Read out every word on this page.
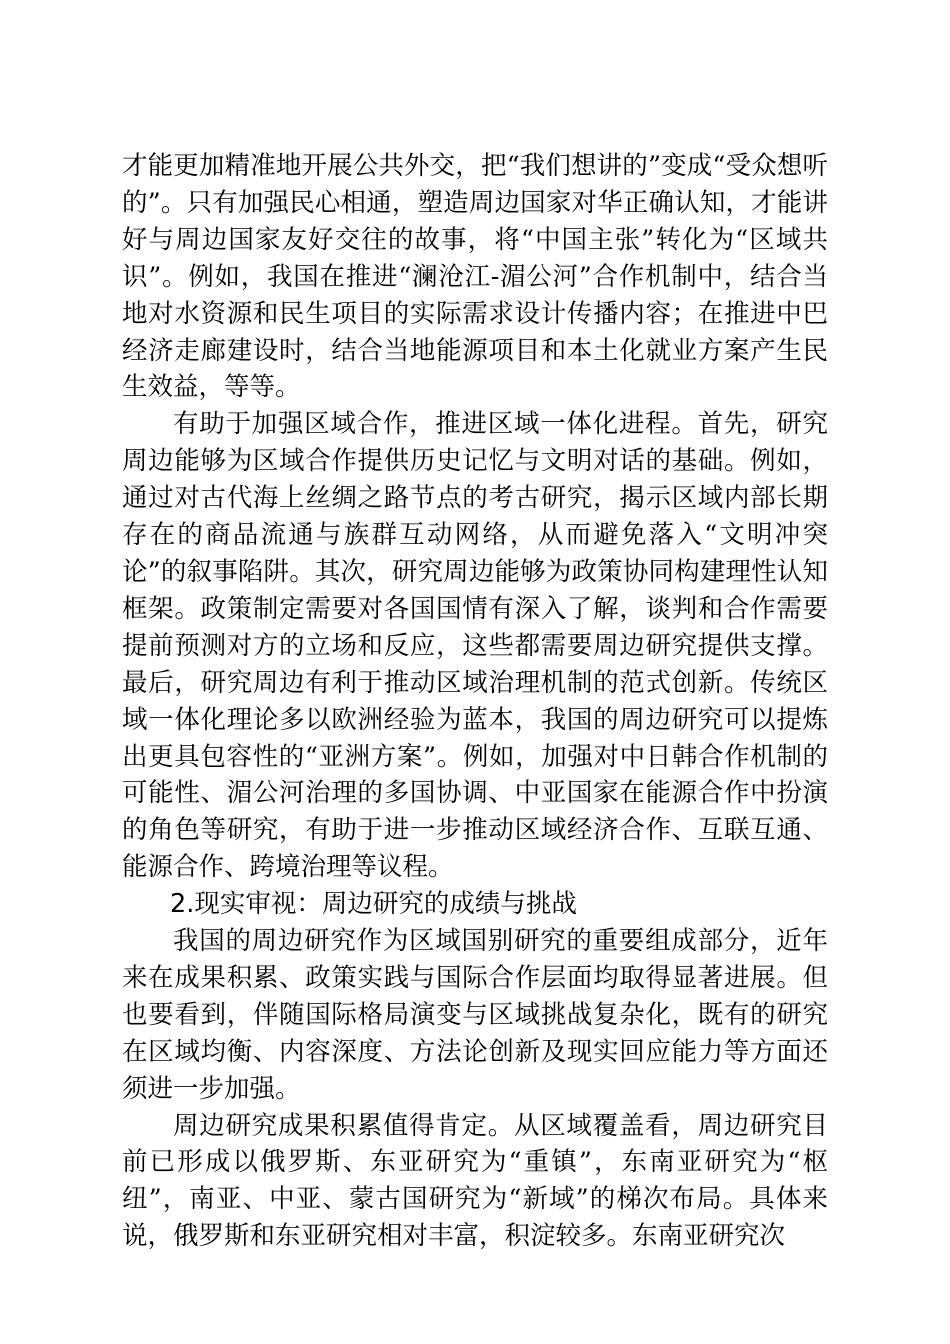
才能更加精准地开展公共外交，把“我们想讲的”变成“受众想听的”。只有加强民心相通，塑造周边国家对华正确认知，才能讲好与周边国家友好交往的故事，将“中国主张”转化为“区域共识”。例如，我国在推进“澜沧江-湄公河”合作机制中，结合当地对水资源和民生项目的实际需求设计传播内容；在推进中巴经济走廊建设时，结合当地能源项目和本土化就业方案产生民生效益，等等。

有助于加强区域合作，推进区域一体化进程。首先，研究周边能够为区域合作提供历史记忆与文明对话的基础。例如，通过对古代海上丝绸之路节点的考古研究，揭示区域内部长期存在的商品流通与族群互动网络，从而避免落入“文明冲突论”的叙事陷阱。其次，研究周边能够为政策协同构建理性认知框架。政策制定需要对各国国情有深入了解，谈判和合作需要提前预测对方的立场和反应，这些都需要周边研究提供支撑。最后，研究周边有利于推动区域治理机制的范式创新。传统区域一体化理论多以欧洲经验为蓝本，我国的周边研究可以提炼出更具包容性的“亚洲方案”。例如，加强对中日韩合作机制的可能性、湄公河治理的多国协调、中亚国家在能源合作中扮演的角色等研究，有助于进一步推动区域经济合作、互联互通、能源合作、跨境治理等议程。

2.现实审视：周边研究的成绩与挑战

我国的周边研究作为区域国别研究的重要组成部分，近年来在成果积累、政策实践与国际合作层面均取得显著进展。但也要看到，伴随国际格局演变与区域挑战复杂化，既有的研究在区域均衡、内容深度、方法论创新及现实回应能力等方面还须进一步加强。

周边研究成果积累值得肯定。从区域覆盖看，周边研究目前已形成以俄罗斯、东亚研究为“重镇”，东南亚研究为“枢纽”，南亚、中亚、蒙古国研究为“新域”的梯次布局。具体来说，俄罗斯和东亚研究相对丰富，积淀较多。东南亚研究次
